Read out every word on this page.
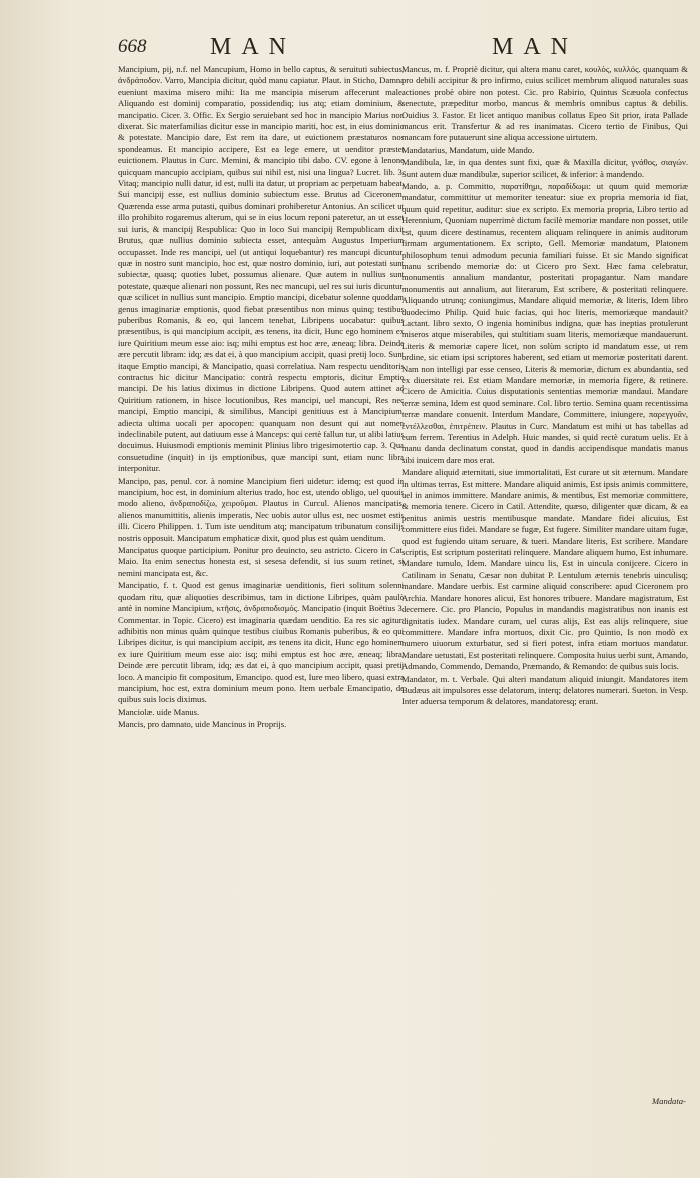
668	MAN	MAN

Mancipium, pij, n.f. nel Mancupium, Homo in bello captus, & seruituti subiectus, ἀνδράποδον. Varro, Mancipia dicitur, quòd manu capiatur. Plaut. in Sticho, Damna eueniunt maxima misero mihi: Ita me mancipia miserum affecerunt male. Aliquando est dominij comparatio, possidendiq; ius atq; etiam dominium, & mancipatio. Cicer. 3. Offic. Ex Sergio seruiebant sed hoc in mancipio Marius non dixerat. Sic materfamilias dicitur esse in mancipio mariti, hoc est, in eius dominio & potestate. Mancipio dare, Est rem ita dare, ut euictionem præstaturos nos spondeamus. Et mancipio accipere, Est ea lege emere, ut uenditor præstet euictionem. Plautus in Curc. Memini, & mancipio tibi dabo. CV. egone à lenone quicquam mancupio accipiam, quibus sui nihil est, nisi una lingua? Lucret. lib. 3. Vitaq; mancipio nulli datur, id est, nulli ita datur, ut propriam ac perpetuam habeat. Sui mancipij esse, est nullius dominio subiectum esse. Brutus ad Ciceronem, Quærenda esse arma putasti, quibus dominari prohiberetur Antonius. An scilicet ut illo prohibito rogaremus alterum, qui se in eius locum reponi pateretur, an ut esset sui iuris, & mancipij Respublica: Quo in loco Sui mancipij Rempublicam dixit Brutus, quæ nullius dominio subiecta esset, antequàm Augustus Imperium occupasset. Inde res mancipi, uel (ut antiqui loquebantur) res mancupi dicuntur, quæ in nostro sunt mancipio, hoc est, quæ nostro dominio, iuri, aut potestati sunt subiectæ, quasq; quoties lubet, possumus alienare. Quæ autem in nullius sunt potestate, quæque alienari non possunt, Res nec mancupi, uel res sui iuris dicuntur, quæ scilicet in nullius sunt mancipio. Emptio mancipi, dicebatur solenne quoddam genus imaginariæ emptionis, quod fiebat præsentibus non minus quinq; testibus puberibus Romanis, & eo, qui lancem tenebat, Libripens uocabatur: quibus præsentibus, is qui mancipium accipit, æs tenens, ita dicit, Hunc ego hominem ex iure Quiritium meum esse aio: isq; mihi emptus est hoc ære, æneaq; libra. Deinde ære percutit libram: idq; æs dat ei, à quo mancipium accipit, quasi pretij loco. Sunt itaque Emptio mancipi, & Mancipatio, quasi correlatiua. Nam respectu uenditoris contractus hic dicitur Mancipatio: contrà respectu emptoris, dicitur Emptio mancipi. De his latius diximus in dictione Libripens. Quod autem attinet ad Quiritium rationem, in hisce locutionibus, Res mancipi, uel mancupi, Res nec mancipi, Emptio mancipi, & similibus, Mancipi genitiuus est à Mancipium, adiecta ultima uocali per apocopen: quanquam non desunt qui aut nomen indeclinabile putent, aut datiuum esse à Manceps: qui certè fallun tur, ut alibi latius docuimus. Huiusmodi emptionis meminit Plinius libro trigesimotertio cap. 3. Qua consuetudine (inquit) in ijs emptionibus, quæ mancipi sunt, etiam nunc libra interponitur.

Mancipo, pas, penul. cor. à nomine Mancipium fieri uidetur: idemq; est quod in mancipium, hoc est, in dominium alterius trado, hoc est, utendo obligo, uel quouis modo alieno, ἀνδραποδίζω, χειροῦμαι. Plautus in Curcul. Alienos mancipatis, alienos manumittitis, alienis imperatis, Nec uobis autor ullus est, nec uosmet estis illi. Cicero Philippen. 1. Tum iste uenditum atq; mancipatum tribunatum consilijs nostris opposuit. Mancipatum emphaticæ dixit, quod plus est quàm uenditum.

Mancipatus quoque participium. Ponitur pro deuincto, seu astricto. Cicero in Cat. Maio. Ita enim senectus honesta est, si sesesa defendit, si ius suum retinet, si nemini mancipata est, &c.

Mancipatio, f. t. Quod est genus imaginariæ uenditionis, fieri solitum solenni quodam ritu, quæ aliquoties describimus, tam in dictione Libripes, quàm paulò antè in nomine Mancipium, κτῆσις, ἀνδραποδισμός. Mancipatio (inquit Boëtius 3. Commentar. in Topic. Cicero) est imaginaria quædam uenditio. Ea res sic agitur: adhibitis non minus quàm quinque testibus ciuibus Romanis puberibus, & eo qui Libripes dicitur, is qui mancipium accipit, æs tenens ita dicit, Hunc ego hominem ex iure Quiritium meum esse aio: isq; mihi emptus est hoc ære, æneaq; libra, Deinde ære percutit libram, idq; æs dat ei, à quo mancipium accipit, quasi pretij loco. A mancipio fit compositum, Emancipo. quod est, Iure meo libero, quasi extra mancipium, hoc est, extra dominium meum pono. Item uerbale Emancipatio, de quibus suis locis diximus.

Manciolæ. uide Manus.

Mancis, pro damnato, uide Mancinus in Proprijs.

Mancus, m. f. Propriè dicitur, qui altera manu caret, κουλὸς, κυλλός. quanquam & pro debili accipitur & pro infirmo, cuius scilicet membrum aliquod naturales suas actiones probè obire non potest. Cic. pro Rabirio, Quintus Scæuola confectus senectute, præpeditur morbo, mancus & membris omnibus captus & debilis. Ouidius 3. Fastor. Et licet antiquo manibus collatus Epeo Sit prior, irata Pallade mancus erit. Transfertur & ad res inanimatas. Cicero tertio de Finibus, Qui mancam fore putauerunt sine aliqua accessione uirtutem.

Mandatarius, Mandatum, uide Mando.

Mandibula, læ, in qua dentes sunt fixi, quæ & Maxilla dicitur, γνάθος, σιαγών. Sunt autem duæ mandibulæ, superior scilicet, & inferior: à mandendo.

Mando, a. p. Committo, παρατίθημι, παραδίδωμι: ut quum quid memoriæ mandatur, committitur ut memoriter teneatur: siue ex propria memoria id fiat, quum quid repetitur, auditur: siue ex scripto. Ex memoria propria, Libro tertio ad Herennium, Quoniam nuperrimè dictum facilè memoriæ mandare non posset, utile est, quum dicere destinamus, recentem aliquam relinquere in animis auditorum firmam argumentationem. Ex scripto, Gell. Memoriæ mandatum, Platonem philosophum tenui admodum pecunia familiari fuisse. Et sic Mando significat manu scribendo memoriæ do: ut Cicero pro Sext. Hæc fama celebratur, monumentis annalium mandantur, posteritati propagantur. Nam mandare monumentis aut annalium, aut literarum, Est scribere, & posteritati relinquere. Aliquando utrunq; coniungimus, Mandare aliquid memoriæ, & literis, Idem libro duodecimo Philip. Quid huic facias, qui hoc literis, memoriæque mandauit? Lactant. libro sexto, O ingenia hominibus indigna, quæ has ineptias protulerunt miseros atque miserabiles, qui stultitiam suam literis, memoriæque mandauerunt. Literis & memoriæ capere licet, non solùm scripto id mandatum esse, ut rem ordine, sic etiam ipsi scriptores haberent, sed etiam ut memoriæ posteritati darent. Nam non intelligi par esse censeo, Literis & memoriæ, dictum ex abundantia, sed ex diuersitate rei. Est etiam Mandare memoriæ, in memoria figere, & retinere. Cicero de Amicitia. Cuius disputationis sententias memoriæ mandaui. Mandare terræ semina, Idem est quod seminare. Col. libro tertio. Semina quam recentissima terræ mandare conuenit. Interdum Mandare, Committere, iniungere, παρεγγυᾶν, ἐντέλλεσθαι, ἐπιτρέπειν. Plautus in Curc. Mandatum est mihi ut has tabellas ad eum ferrem. Terentius in Adelph. Huic mandes, si quid rectè curatum uelis. Et à manu danda declinatum constat, quod in dandis accipendisque mandatis manus sibi inuicem dare mos erat.

Mandare aliquid æternitati, siue immortalitati, Est curare ut sit æternum. Mandare in ultimas terras, Est mittere. Mandare aliquid animis, Est ipsis animis committere, uel in animos immittere. Mandare animis, & mentibus, Est memoriæ committere, & memoria tenere. Cicero in Catil. Attendite, quæso, diligenter quæ dicam, & ea penitus animis uestris mentibusque mandate. Mandare fidei alicuius, Est committere eius fidei. Mandare se fugæ, Est fugere. Similiter mandare uitam fugæ, quod est fugiendo uitam seruare, & tueri. Mandare literis, Est scribere. Mandare scriptis, Est scriptum posteritati relinquere. Mandare aliquem humo, Est inhumare. Mandare tumulo, Idem. Mandare uincu lis, Est in uincula conijcere. Cicero in Catilinam in Senatu, Cæsar non dubitat P. Lentulum æternis tenebris uinculisq; mandare. Mandare uerbis. Est carmine aliquid conscribere: apud Ciceronem pro Archia. Mandare honores alicui, Est honores tribuere. Mandare magistratum, Est decernere. Cic. pro Plancio, Populus in mandandis magistratibus non inanis est dignitatis iudex. Mandare curam, uel curas alijs, Est eas alijs relinquere, siue committere. Mandare infra mortuos, dixit Cic. pro Quintio, Is non modò ex numero uiuorum exturbatur, sed si fieri potest, infra etiam mortuos mandatur. Mandare uetustati, Est posteritati relinquere. Composita huius uerbi sunt, Amando, Admando, Commendo, Demando, Præmando, & Remando: de quibus suis locis.

Mandator, m. t. Verbale. Qui alteri mandatum aliquid iniungit. Mandatores item Budæus ait impulsores esse delatorum, interq; delatores numerari. Sueton. in Vesp. Inter aduersa temporum & delatores, mandatoresq; erant.

Mandata-
